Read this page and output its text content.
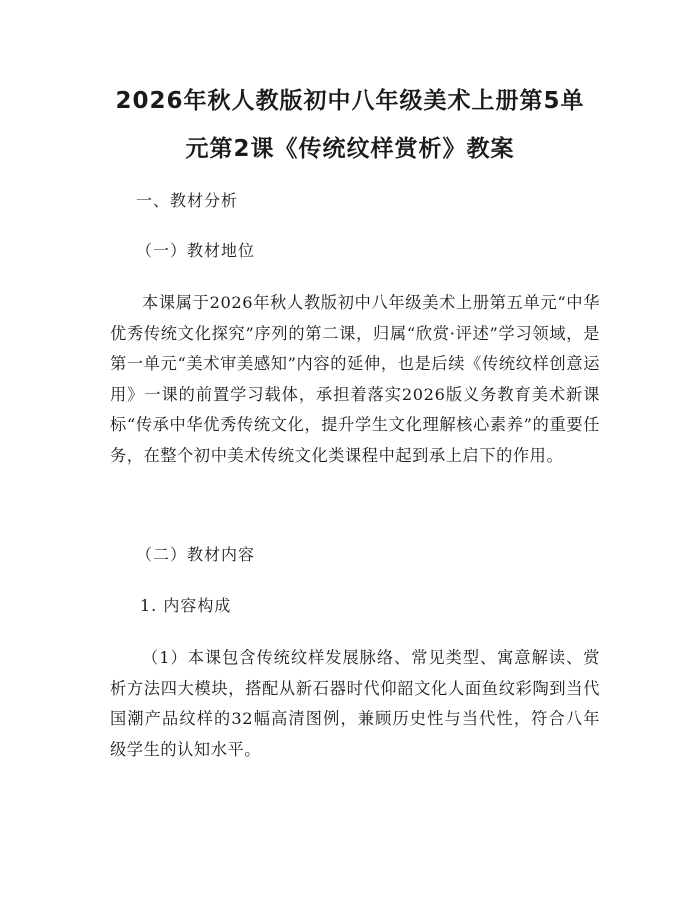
2026年秋人教版初中八年级美术上册第5单
元第2课《传统纹样赏析》教案

一、教材分析

（一）教材地位

本课属于2026年秋人教版初中八年级美术上册第五单元“中华优秀传统文化探究”序列的第二课，归属“欣赏·评述”学习领域，是第一单元“美术审美感知”内容的延伸，也是后续《传统纹样创意运用》一课的前置学习载体，承担着落实2026版义务教育美术新课标“传承中华优秀传统文化，提升学生文化理解核心素养”的重要任务，在整个初中美术传统文化类课程中起到承上启下的作用。

（二）教材内容

1. 内容构成

（1）本课包含传统纹样发展脉络、常见类型、寓意解读、赏析方法四大模块，搭配从新石器时代仰韶文化人面鱼纹彩陶到当代国潮产品纹样的32幅高清图例，兼顾历史性与当代性，符合八年级学生的认知水平。
